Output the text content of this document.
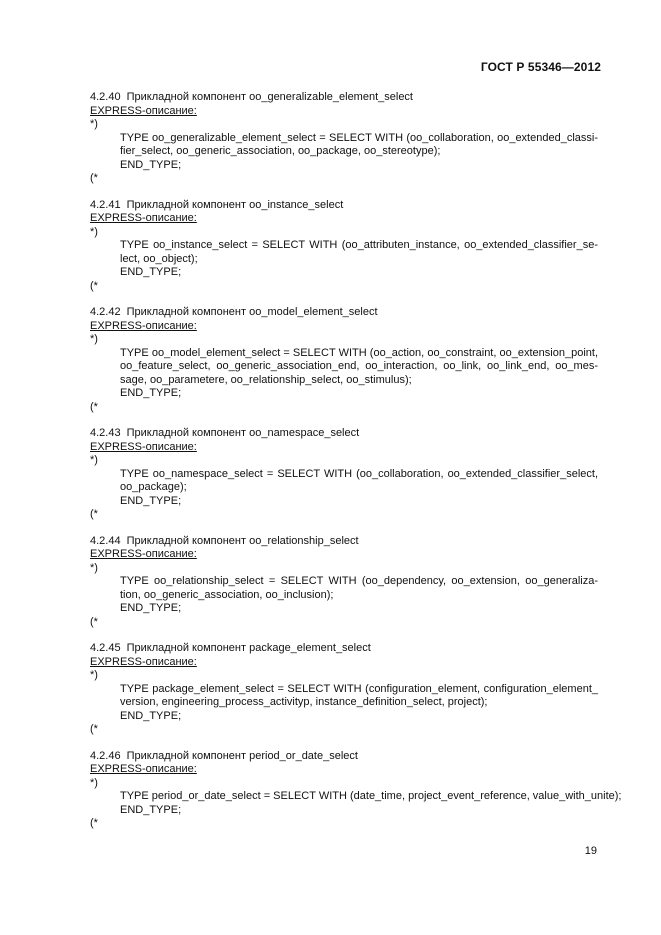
ГОСТ Р 55346—2012
4.2.40 Прикладной компонент oo_generalizable_element_select
EXPRESS-описание:
*)
TYPE oo_generalizable_element_select = SELECT WITH (oo_collaboration, oo_extended_classi-
fier_select, oo_generic_association, oo_package, oo_stereotype);
END_TYPE;
(*
4.2.41 Прикладной компонент oo_instance_select
EXPRESS-описание:
*)
TYPE oo_instance_select = SELECT WITH (oo_attributen_instance, oo_extended_classifier_se-
lect, oo_object);
END_TYPE;
(*
4.2.42 Прикладной компонент oo_model_element_select
EXPRESS-описание:
*)
TYPE oo_model_element_select = SELECT WITH (oo_action, oo_constraint, oo_extension_point,
oo_feature_select, oo_generic_association_end, oo_interaction, oo_link, oo_link_end, oo_mes-
sage, oo_parametere, oo_relationship_select, oo_stimulus);
END_TYPE;
(*
4.2.43 Прикладной компонент oo_namespace_select
EXPRESS-описание:
*)
TYPE oo_namespace_select = SELECT WITH (oo_collaboration, oo_extended_classifier_select,
oo_package);
END_TYPE;
(*
4.2.44 Прикладной компонент oo_relationship_select
EXPRESS-описание:
*)
TYPE oo_relationship_select = SELECT WITH (oo_dependency, oo_extension, oo_generaliza-
tion, oo_generic_association, oo_inclusion);
END_TYPE;
(*
4.2.45 Прикладной компонент package_element_select
EXPRESS-описание:
*)
TYPE package_element_select = SELECT WITH (configuration_element, configuration_element_
version, engineering_process_activityp, instance_definition_select, project);
END_TYPE;
(*
4.2.46 Прикладной компонент period_or_date_select
EXPRESS-описание:
*)
TYPE period_or_date_select = SELECT WITH (date_time, project_event_reference, value_with_unite);
END_TYPE;
(*
19
